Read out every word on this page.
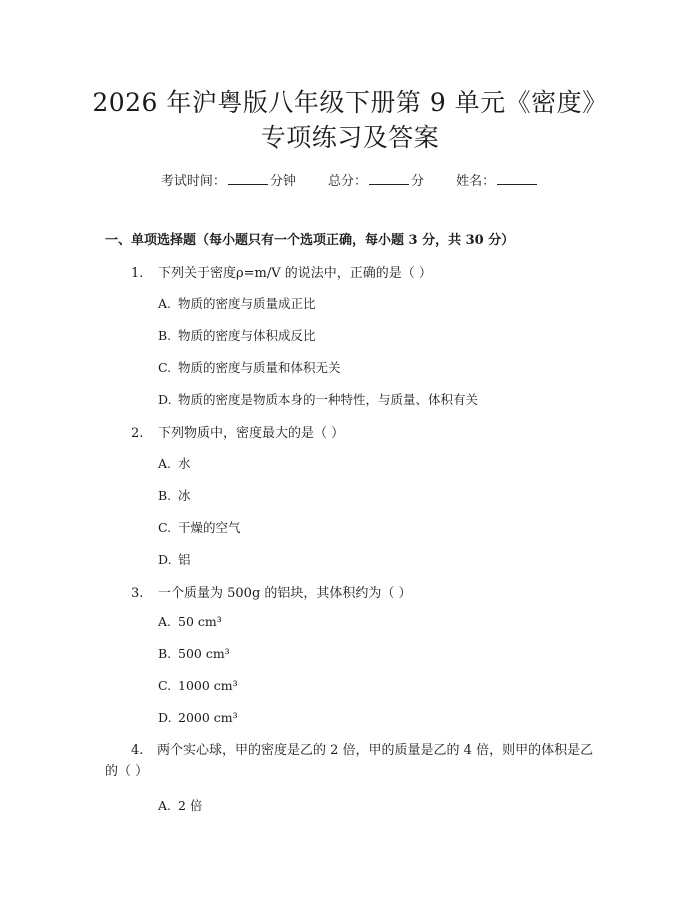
2026 年沪粤版八年级下册第 9 单元《密度》
专项练习及答案
考试时间：	分钟 总分：	分 姓名：
一、单项选择题（每小题只有一个选项正确，每小题 3 分，共 30 分）
1. 下列关于密度ρ=m/V 的说法中，正确的是（ ）
A. 物质的密度与质量成正比
B. 物质的密度与体积成反比
C. 物质的密度与质量和体积无关
D. 物质的密度是物质本身的一种特性，与质量、体积有关
2. 下列物质中，密度最大的是（ ）
A. 水
B. 冰
C. 干燥的空气
D. 铝
3. 一个质量为 500g 的铝块，其体积约为（ ）
A. 50 cm³
B. 500 cm³
C. 1000 cm³
D. 2000 cm³
4. 两个实心球，甲的密度是乙的 2 倍，甲的质量是乙的 4 倍，则甲的体积是乙的（ ）
A. 2 倍
